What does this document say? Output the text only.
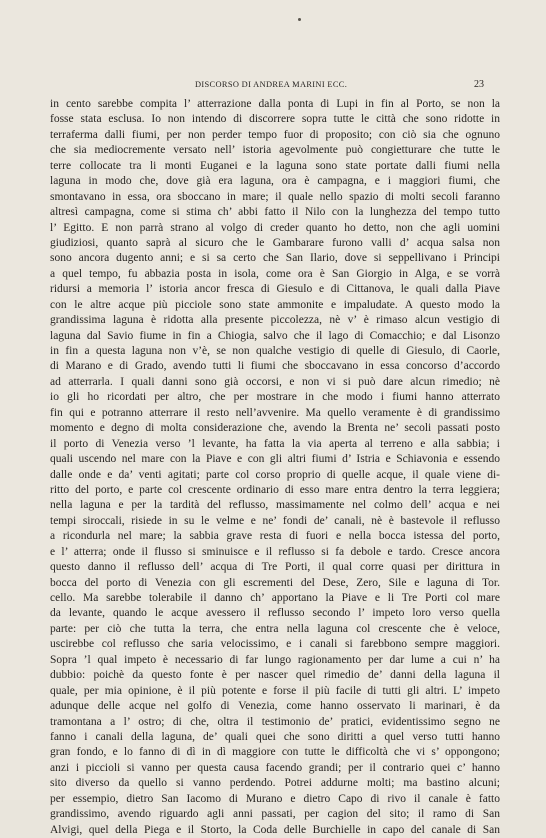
DISCORSO DI ANDREA MARINI ECC.	23
in cento sarebbe compita l’ atterrazione dalla ponta di Lupi in fin al Porto, se non la
fosse stata esclusa. Io non intendo di discorrere sopra tutte le città che sono ridotte in
terraferma dalli fiumi, per non perder tempo fuor di proposito; con ciò sia che ognuno
che sia mediocremente versato nell’ istoria agevolmente può congietturare che tutte le
terre collocate tra li monti Euganei e la laguna sono state portate dalli fiumi nella
laguna in modo che, dove già era laguna, ora è campagna, e i maggiori fiumi, che
smontavano in essa, ora sboccano in mare; il quale nello spazio di molti secoli faranno
altresì campagna, come si stima ch’ abbi fatto il Nilo con la lunghezza del tempo tutto
l’ Egitto. E non parrà strano al volgo di creder quanto ho detto, non che agli uomini
giudiziosi, quanto saprà al sicuro che le Gambarare furono valli d’ acqua salsa non
sono ancora dugento anni; e si sa certo che San Ilario, dove si seppellivano i Principi
a quel tempo, fu abbazia posta in isola, come ora è San Giorgio in Alga, e se vorrà
ridursi a memoria l’ istoria ancor fresca di Giesulo e di Cittanova, le quali dalla Piave
con le altre acque più picciole sono state ammonite e impaludate. A questo modo la
grandissima laguna è ridotta alla presente piccolezza, nè v’ è rimaso alcun vestigio di
laguna dal Savio fiume in fin a Chiogia, salvo che il lago di Comacchio; e dal Lisonzo
in fin a questa laguna non v’è, se non qualche vestigio di quelle di Giesulo, di Caorle,
di Marano e di Grado, avendo tutti li fiumi che sboccavano in essa concorso d’accordo
ad atterrarla. I quali danni sono già occorsi, e non vi si può dare alcun rimedio; nè
io gli ho ricordati per altro, che per mostrare in che modo i fiumi hanno atterrato
fin qui e potranno atterrare il resto nell’avvenire. Ma quello veramente è di grandissimo
momento e degno di molta considerazione che, avendo la Brenta ne’ secoli passati posto
il porto di Venezia verso ’l levante, ha fatta la via aperta al terreno e alla sabbia; i
quali uscendo nel mare con la Piave e con gli altri fiumi d’ Istria e Schiavonia e essendo
dalle onde e da’ venti agitati; parte col corso proprio di quelle acque, il quale viene di-
ritto del porto, e parte col crescente ordinario di esso mare entra dentro la terra leggiera;
nella laguna e per la tardità del reflusso, massimamente nel colmo dell’ acqua e nei
tempi siroccali, risiede in su le velme e ne’ fondi de’ canali, nè è bastevole il reflusso
a ricondurla nel mare; la sabbia grave resta di fuori e nella bocca istessa del porto,
e l’ atterra; onde il flusso si sminuisce e il reflusso si fa debole e tardo. Cresce ancora
questo danno il reflusso dell’ acqua di Tre Porti, il qual corre quasi per dirittura in
bocca del porto di Venezia con gli escrementi del Dese, Zero, Sile e laguna di Tor.
cello. Ma sarebbe tolerabile il danno ch’ apportano la Piave e li Tre Porti col mare
da levante, quando le acque avessero il reflusso secondo l’ impeto loro verso quella
parte: per ciò che tutta la terra, che entra nella laguna col crescente che è veloce,
uscirebbe col reflusso che saria velocissimo, e i canali si farebbono sempre maggiori.
Sopra ’l qual impeto è necessario di far lungo ragionamento per dar lume a cui n’ ha
dubbio: poichè da questo fonte è per nascer quel rimedio de’ danni della laguna il
quale, per mia opinione, è il più potente e forse il più facile di tutti gli altri. L’ impeto
adunque delle acque nel golfo di Venezia, come hanno osservato li marinari, è da
tramontana a l’ ostro; di che, oltra il testimonio de’ pratici, evidentissimo segno ne
fanno i canali della laguna, de’ quali quei che sono diritti a quel verso tutti hanno
gran fondo, e lo fanno di dì in dì maggiore con tutte le difficoltà che vi s’ oppongono;
anzi i piccioli si vanno per questa causa facendo grandi; per il contrario quei c’ hanno
sito diverso da quello si vanno perdendo. Potrei addurne molti; ma bastino alcuni;
per essempio, dietro San Iacomo di Murano e dietro Capo di rivo il canale è fatto
grandissimo, avendo riguardo agli anni passati, per cagion del sito; il ramo di San
Alvigi, quel della Piega e il Storto, la Coda delle Burchielle in capo del canale di San
